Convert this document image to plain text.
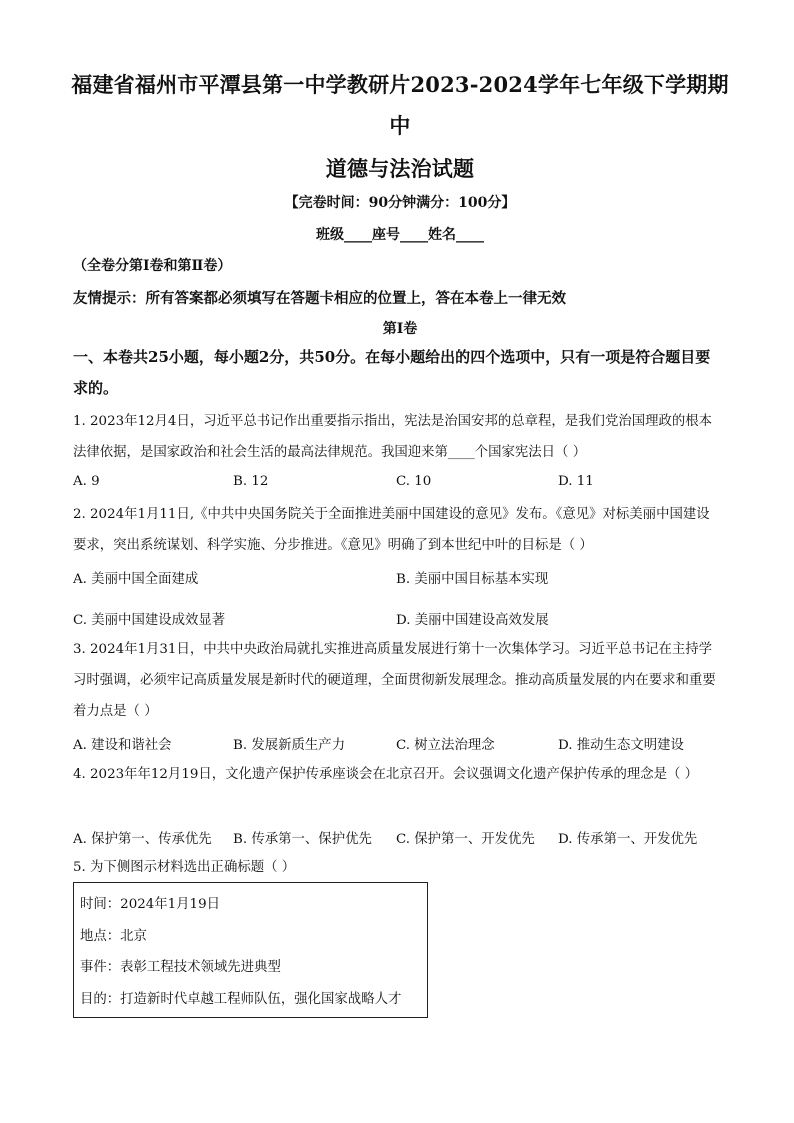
福建省福州市平潭县第一中学教研片2023-2024学年七年级下学期期
中
道德与法治试题
【完卷时间：90分钟满分：100分】
班级____座号____姓名____
（全卷分第Ⅰ卷和第Ⅱ卷）
友情提示：所有答案都必须填写在答题卡相应的位置上，答在本卷上一律无效
第Ⅰ卷
一、本卷共25小题，每小题2分，共50分。在每小题给出的四个选项中，只有一项是符合题目要求的。
1. 2023年12月4日，习近平总书记作出重要指示指出，宪法是治国安邦的总章程，是我们党治国理政的根本法律依据，是国家政治和社会生活的最高法律规范。我国迎来第____个国家宪法日（ ）
A. 9	B. 12	C. 10	D. 11
2. 2024年1月11日,《中共中央国务院关于全面推进美丽中国建设的意见》发布。《意见》对标美丽中国建设要求，突出系统谋划、科学实施、分步推进。《意见》明确了到本世纪中叶的目标是（ ）
A. 美丽中国全面建成	B. 美丽中国目标基本实现
C. 美丽中国建设成效显著	D. 美丽中国建设高效发展
3. 2024年1月31日，中共中央政治局就扎实推进高质量发展进行第十一次集体学习。习近平总书记在主持学习时强调，必须牢记高质量发展是新时代的硬道理，全面贯彻新发展理念。推动高质量发展的内在要求和重要着力点是（ ）
A. 建设和谐社会	B. 发展新质生产力	C. 树立法治理念	D. 推动生态文明建设
4. 2023年年12月19日，文化遗产保护传承座谈会在北京召开。会议强调文化遗产保护传承的理念是（ ）
A. 保护第一、传承优先 B. 传承第一、保护优先 C. 保护第一、开发优先 D. 传承第一、开发优先
5. 为下侧图示材料选出正确标题（ ）
时间：2024年1月19日
地点：北京
事件：表彰工程技术领域先进典型
目的：打造新时代卓越工程师队伍，强化国家战略人才
